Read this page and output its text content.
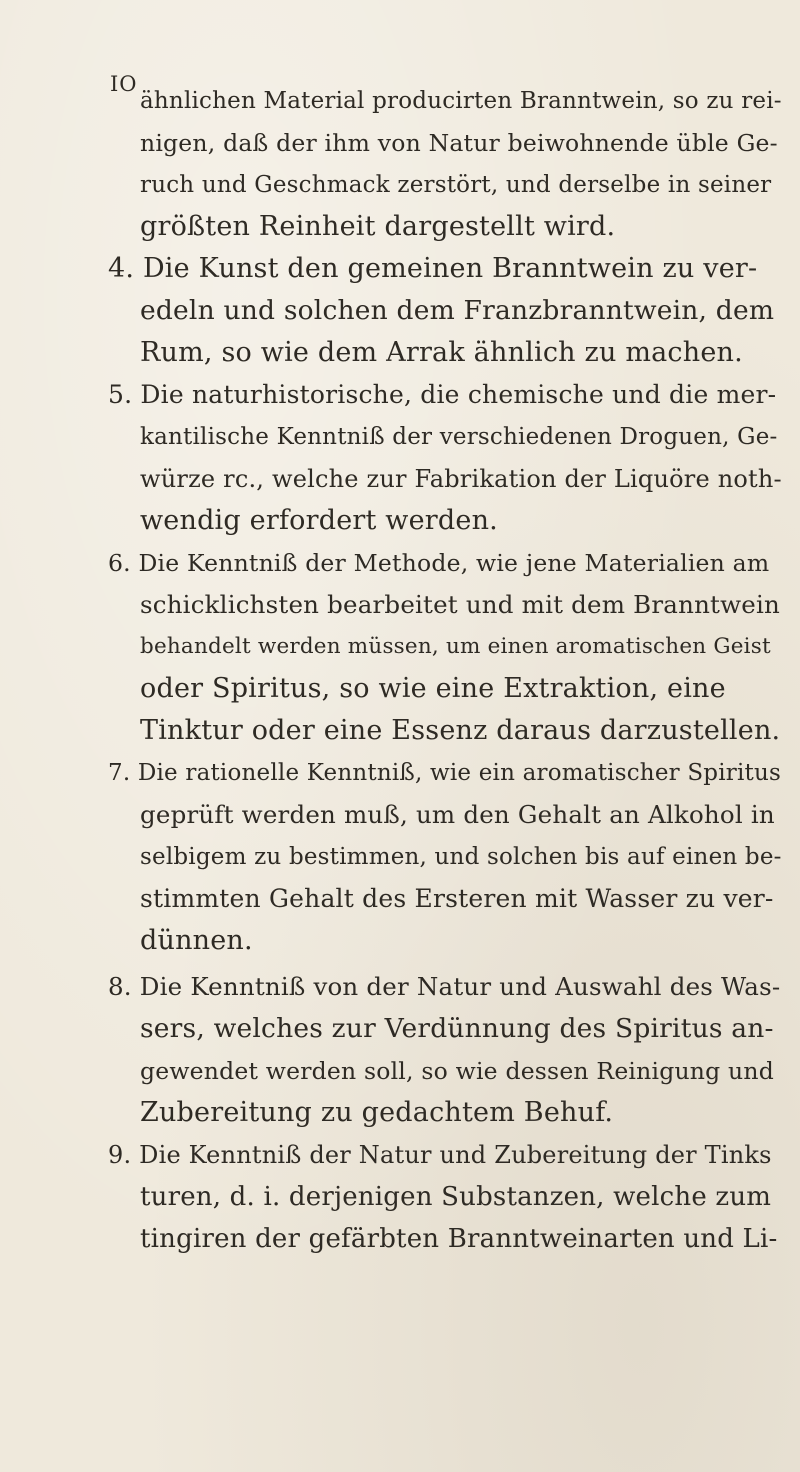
IO
ähnlichen Material producirten Branntwein, so zu rei-
nigen, daß der ihm von Natur beiwohnende üble Ge-
ruch und Geschmack zerstört, und derselbe in seiner
größten Reinheit dargestellt wird.
4. Die Kunst den gemeinen Branntwein zu ver-
edeln und solchen dem Franzbranntwein, dem
Rum, so wie dem Arrak ähnlich zu machen.
5. Die naturhistorische, die chemische und die mer-
kantilische Kenntniß der verschiedenen Droguen, Ge-
würze rc., welche zur Fabrikation der Liquöre noth-
wendig erfordert werden.
6. Die Kenntniß der Methode, wie jene Materialien am
schicklichsten bearbeitet und mit dem Branntwein
behandelt werden müssen, um einen aromatischen Geist
oder Spiritus, so wie eine Extraktion, eine
Tinktur oder eine Essenz daraus darzustellen.
7. Die rationelle Kenntniß, wie ein aromatischer Spiritus
geprüft werden muß, um den Gehalt an Alkohol in
selbigem zu bestimmen, und solchen bis auf einen be-
stimmten Gehalt des Ersteren mit Wasser zu ver-
dünnen.
8. Die Kenntniß von der Natur und Auswahl des Was-
sers, welches zur Verdünnung des Spiritus an-
gewendet werden soll, so wie dessen Reinigung und
Zubereitung zu gedachtem Behuf.
9. Die Kenntniß der Natur und Zubereitung der Tinks
turen, d. i. derjenigen Substanzen, welche zum
tingiren der gefärbten Branntweinarten und Li-
